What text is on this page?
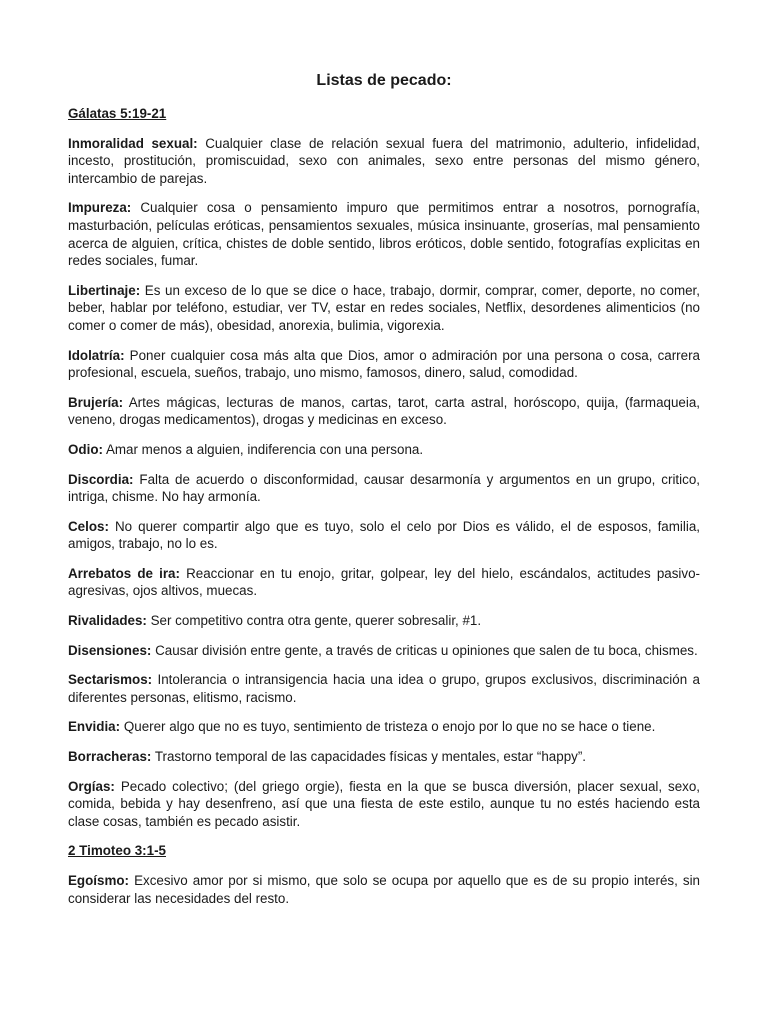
Listas de pecado:
Gálatas 5:19-21
Inmoralidad sexual: Cualquier clase de relación sexual fuera del matrimonio, adulterio, infidelidad, incesto, prostitución, promiscuidad, sexo con animales, sexo entre personas del mismo género, intercambio de parejas.
Impureza: Cualquier cosa o pensamiento impuro que permitimos entrar a nosotros, pornografía, masturbación, películas eróticas, pensamientos sexuales, música insinuante, groserías, mal pensamiento acerca de alguien, crítica, chistes de doble sentido, libros eróticos, doble sentido, fotografías explicitas en redes sociales, fumar.
Libertinaje: Es un exceso de lo que se dice o hace, trabajo, dormir, comprar, comer, deporte, no comer, beber, hablar por teléfono, estudiar, ver TV, estar en redes sociales, Netflix, desordenes alimenticios (no comer o comer de más), obesidad, anorexia, bulimia, vigorexia.
Idolatría: Poner cualquier cosa más alta que Dios, amor o admiración por una persona o cosa, carrera profesional, escuela, sueños, trabajo, uno mismo, famosos, dinero, salud, comodidad.
Brujería: Artes mágicas, lecturas de manos, cartas, tarot, carta astral, horóscopo, quija, (farmaqueia, veneno, drogas medicamentos), drogas y medicinas en exceso.
Odio: Amar menos a alguien, indiferencia con una persona.
Discordia: Falta de acuerdo o disconformidad, causar desarmonía y argumentos en un grupo, critico, intriga, chisme. No hay armonía.
Celos: No querer compartir algo que es tuyo, solo el celo por Dios es válido, el de esposos, familia, amigos, trabajo, no lo es.
Arrebatos de ira: Reaccionar en tu enojo, gritar, golpear, ley del hielo, escándalos, actitudes pasivo-agresivas, ojos altivos, muecas.
Rivalidades: Ser competitivo contra otra gente, querer sobresalir, #1.
Disensiones: Causar división entre gente, a través de criticas u opiniones que salen de tu boca, chismes.
Sectarismos: Intolerancia o intransigencia hacia una idea o grupo, grupos exclusivos, discriminación a diferentes personas, elitismo, racismo.
Envidia: Querer algo que no es tuyo, sentimiento de tristeza o enojo por lo que no se hace o tiene.
Borracheras: Trastorno temporal de las capacidades físicas y mentales, estar “happy”.
Orgías: Pecado colectivo; (del griego orgie), fiesta en la que se busca diversión, placer sexual, sexo, comida, bebida y hay desenfreno, así que una fiesta de este estilo, aunque tu no estés haciendo esta clase cosas, también es pecado asistir.
2 Timoteo 3:1-5
Egoísmo: Excesivo amor por si mismo, que solo se ocupa por aquello que es de su propio interés, sin considerar las necesidades del resto.
